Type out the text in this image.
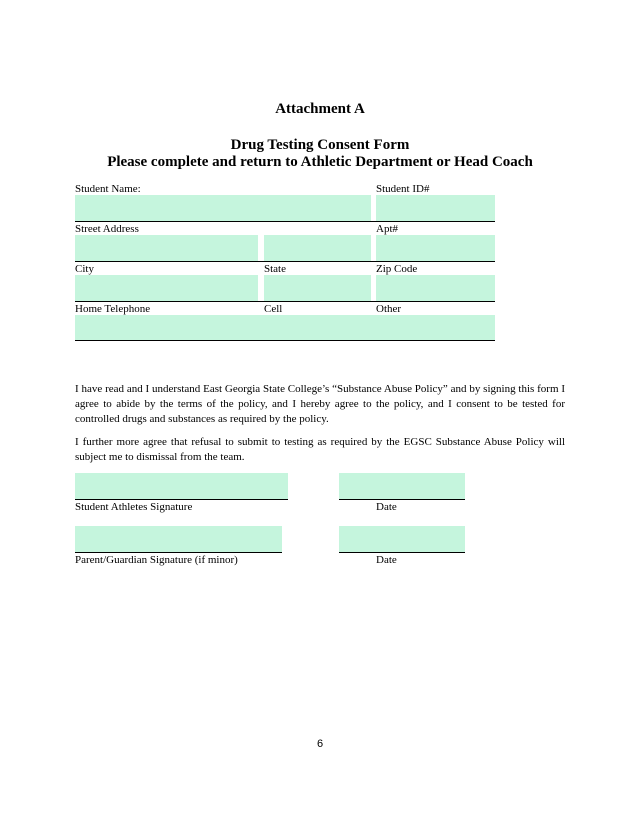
Attachment A
Drug Testing Consent Form
Please complete and return to Athletic Department or Head Coach
Student Name:	Student ID#
Street Address	Apt#
City	State	Zip Code
Home Telephone	Cell	Other
I have read and I understand East Georgia State College’s “Substance Abuse Policy” and by signing this form I agree to abide by the terms of the policy, and I hereby agree to the policy, and I consent to be tested for controlled drugs and substances as required by the policy.
I further more agree that refusal to submit to testing as required by the EGSC Substance Abuse Policy will subject me to dismissal from the team.
Student Athletes Signature	Date
Parent/Guardian Signature (if minor)	Date
6
